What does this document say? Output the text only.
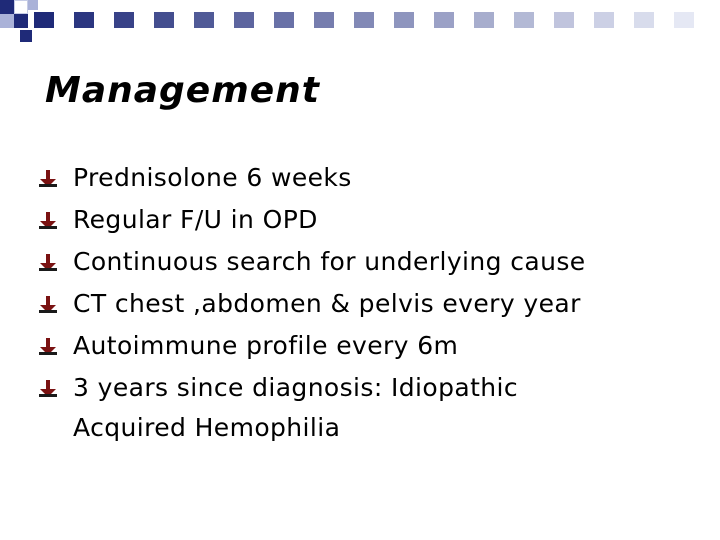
Management
Prednisolone 6 weeks
Regular F/U in OPD
Continuous search for underlying cause
CT chest ,abdomen & pelvis every year
Autoimmune profile every 6m
3 years since diagnosis: Idiopathic
Acquired Hemophilia
